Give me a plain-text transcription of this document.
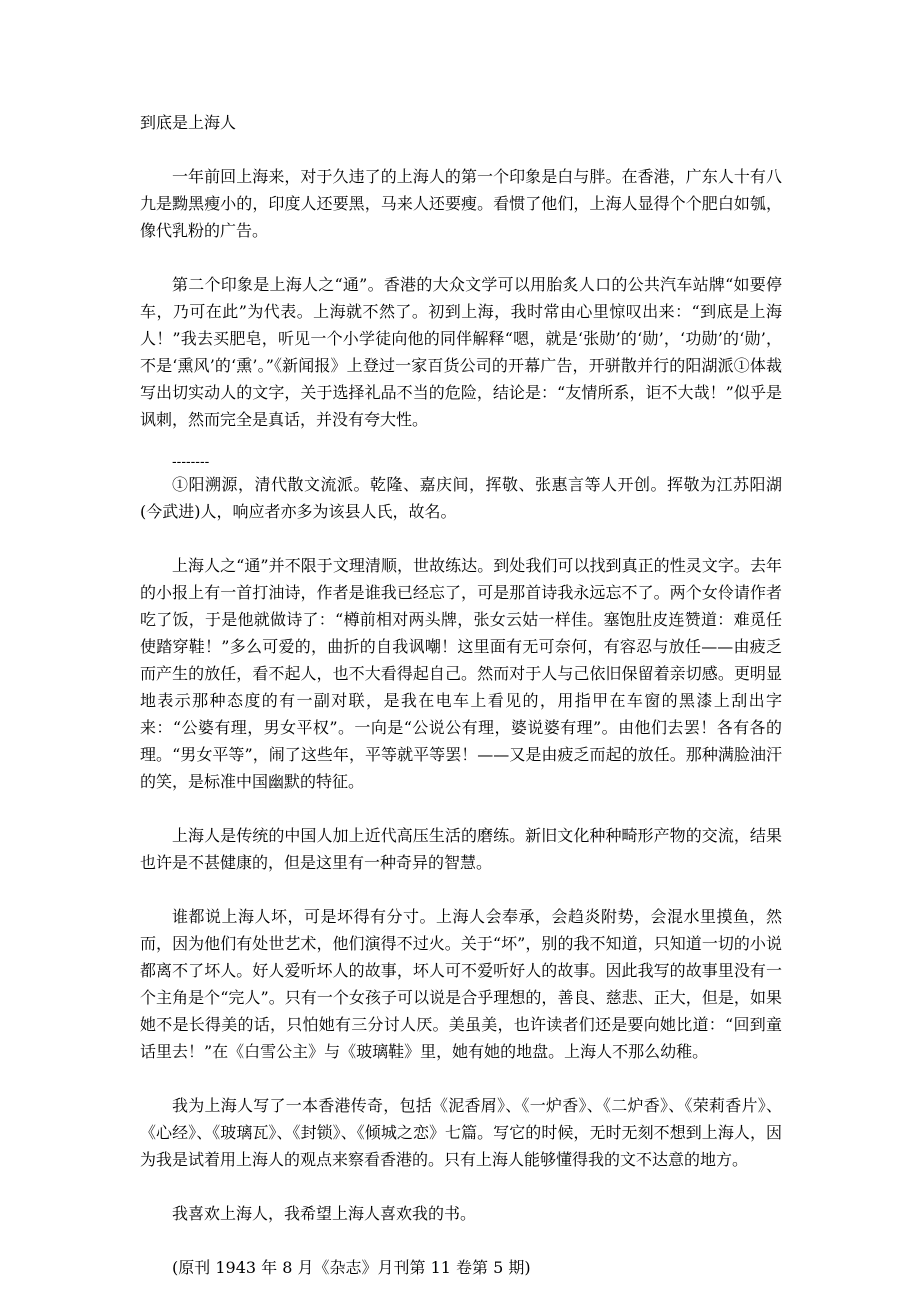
到底是上海人

一年前回上海来，对于久违了的上海人的第一个印象是白与胖。在香港，广东人十有八九是黝黑瘦小的，印度人还要黑，马来人还要瘦。看惯了他们，上海人显得个个肥白如瓠，像代乳粉的广告。

第二个印象是上海人之“通”。香港的大众文学可以用胎炙人口的公共汽车站牌“如要停车，乃可在此”为代表。上海就不然了。初到上海，我时常由心里惊叹出来：“到底是上海人！”我去买肥皂，听见一个小学徒向他的同伴解释“嗯，就是‘张勋’的‘勋’，‘功勋’的‘勋’，不是‘熏风’的‘熏’。”《新闻报》上登过一家百货公司的开幕广告，开骈散并行的阳湖派①体裁写出切实动人的文字，关于选择礼品不当的危险，结论是：“友情所系，讵不大哉！”似乎是讽刺，然而完全是真话，并没有夸大性。

--------

①阳溯源，清代散文流派。乾隆、嘉庆间，挥敬、张惠言等人开创。挥敬为江苏阳湖(今武进)人，响应者亦多为该县人氏，故名。

上海人之“通”并不限于文理清顺，世故练达。到处我们可以找到真正的性灵文字。去年的小报上有一首打油诗，作者是谁我已经忘了，可是那首诗我永远忘不了。两个女伶请作者吃了饭，于是他就做诗了：“樽前相对两头牌，张女云姑一样佳。塞饱肚皮连赞道：难觅任使踏穿鞋！”多么可爱的，曲折的自我讽嘲！这里面有无可奈何，有容忍与放任——由疲乏而产生的放任，看不起人，也不大看得起自己。然而对于人与己依旧保留着亲切感。更明显地表示那种态度的有一副对联，是我在电车上看见的，用指甲在车窗的黑漆上刮出字来：“公婆有理，男女平权”。一向是“公说公有理，婆说婆有理”。由他们去罢！各有各的理。“男女平等”，闹了这些年，平等就平等罢！——又是由疲乏而起的放任。那种满脸油汗的笑，是标准中国幽默的特征。

上海人是传统的中国人加上近代高压生活的磨练。新旧文化种种畸形产物的交流，结果也许是不甚健康的，但是这里有一种奇异的智慧。

谁都说上海人坏，可是坏得有分寸。上海人会奉承，会趋炎附势，会混水里摸鱼，然而，因为他们有处世艺术，他们演得不过火。关于“坏”，别的我不知道，只知道一切的小说都离不了坏人。好人爱听坏人的故事，坏人可不爱听好人的故事。因此我写的故事里没有一个主角是个“完人”。只有一个女孩子可以说是合乎理想的，善良、慈悲、正大，但是，如果她不是长得美的话，只怕她有三分讨人厌。美虽美，也许读者们还是要向她比道：“回到童话里去！”在《白雪公主》与《玻璃鞋》里，她有她的地盘。上海人不那么幼稚。

我为上海人写了一本香港传奇，包括《泥香屑》、《一炉香》、《二炉香》、《荣莉香片》、《心经》、《玻璃瓦》、《封锁》、《倾城之恋》七篇。写它的时候，无时无刻不想到上海人，因为我是试着用上海人的观点来察看香港的。只有上海人能够懂得我的文不达意的地方。

我喜欢上海人，我希望上海人喜欢我的书。

(原刊 1943 年 8 月《杂志》月刊第 11 卷第 5 期)
